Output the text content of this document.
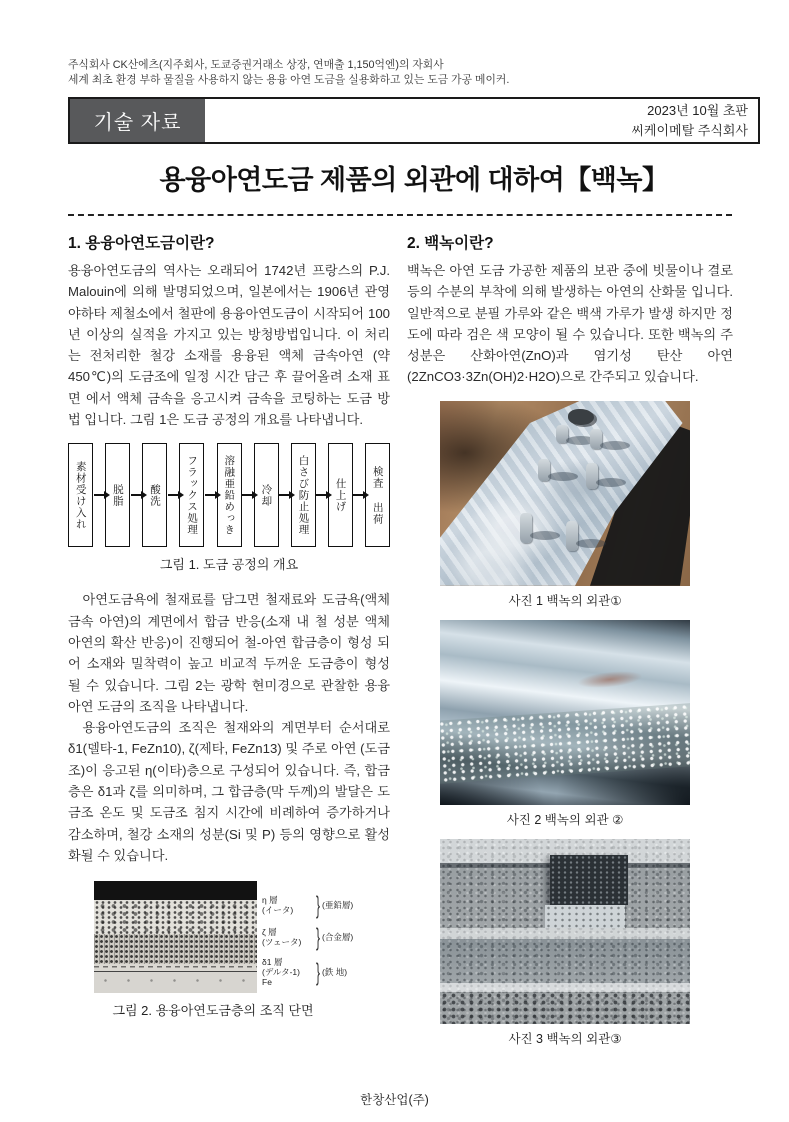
주식회사 CK산에츠(지주회사, 도쿄증권거래소 상장, 연매출 1,150억엔)의 자회사
세계 최초 환경 부하 물질을 사용하지 않는 용융 아연 도금을 실용화하고 있는 도금 가공 메이커.
기술 자료
2023년 10월 초판
씨케이메탈 주식회사
용융아연도금 제품의 외관에 대하여【백녹】
1. 용융아연도금이란?
용융아연도금의 역사는 오래되어 1742년 프랑스의 P.J. Malouin에 의해 발명되었으며, 일본에서는 1906년 관영 야하타 제철소에서 철판에 용융아연도금이 시작되어 100년 이상의 실적을 가지고 있는 방청방법입니다. 이 처리는 전처리한 철강 소재를 용융된 액체 금속아연 (약 450℃)의 도금조에 일정 시간 담근 후 끌어올려 소재 표면 에서 액체 금속을 응고시켜 금속을 코팅하는 도금 방법 입니다. 그림 1은 도금 공정의 개요를 나타냅니다.
素材受け入れ	脱脂	酸洗	フラックス処理	溶融亜鉛めっき	冷却	白さび防止処理	仕上げ	検査 出荷
그림 1. 도금 공정의 개요
아연도금욕에 철재료를 담그면 철재료와 도금욕(액체 금속 아연)의 계면에서 합금 반응(소재 내 철 성분 액체 아연의 확산 반응)이 진행되어 철-아연 합금층이 형성 되어 소재와 밀착력이 높고 비교적 두꺼운 도금층이 형성 될 수 있습니다. 그림 2는 광학 현미경으로 관찰한 용융 아연 도금의 조직을 나타냅니다.
용융아연도금의 조직은 철재와의 계면부터 순서대로 δ1(델타-1, FeZn10), ζ(제타, FeZn13) 및 주로 아연 (도금조)이 응고된 η(이타)층으로 구성되어 있습니다. 즉, 합금층은 δ1과 ζ를 의미하며, 그 합금층(막 두께)의 발달은 도금조 온도 및 도금조 침지 시간에 비례하여 증가하거나 감소하며, 철강 소재의 성분(Si 및 P) 등의 영향으로 활성화될 수 있습니다.
η 層
(イータ)	} (亜鉛層)
ζ 層
(ツェータ)	} (合金層)
δ1 層
(デルタ-1)
Fe	} (鉄 地)
그림 2. 용융아연도금층의 조직 단면
2. 백녹이란?
백녹은 아연 도금 가공한 제품의 보관 중에 빗물이나 결로 등의 수분의 부착에 의해 발생하는 아연의 산화물 입니다. 일반적으로 분필 가루와 같은 백색 가루가 발생 하지만 정도에 따라 검은 색 모양이 될 수 있습니다. 또한 백녹의 주성분은 산화아연(ZnO)과 염기성 탄산 아연 (2ZnCO3·3Zn(OH)2·H2O)으로 간주되고 있습니다.
사진 1 백녹의 외관①
사진 2 백녹의 외관 ②
사진 3 백녹의 외관③
한창산업(주)
